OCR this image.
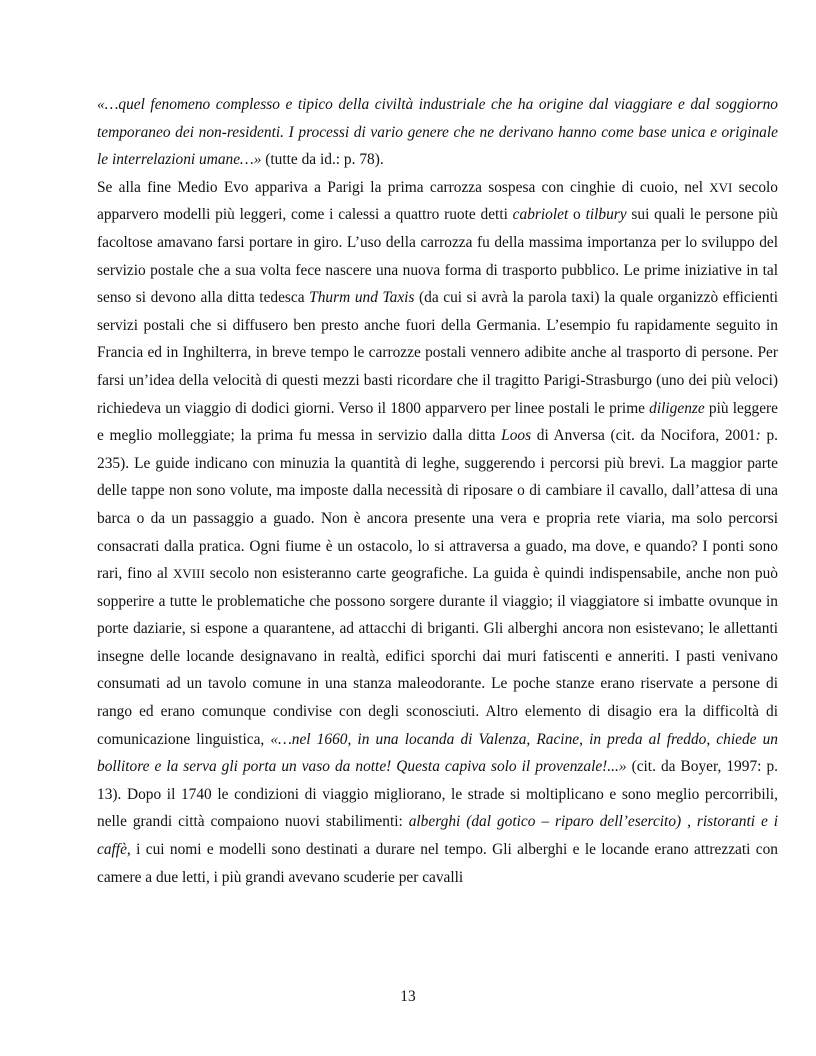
«…quel fenomeno complesso e tipico della civiltà industriale che ha origine dal viaggiare e dal soggiorno temporaneo dei non-residenti. I processi di vario genere che ne derivano hanno come base unica e originale le interrelazioni umane…» (tutte da id.: p. 78).

Se alla fine Medio Evo appariva a Parigi la prima carrozza sospesa con cinghie di cuoio, nel XVI secolo apparvero modelli più leggeri, come i calessi a quattro ruote detti cabriolet o tilbury sui quali le persone più facoltose amavano farsi portare in giro. L’uso della carrozza fu della massima importanza per lo sviluppo del servizio postale che a sua volta fece nascere una nuova forma di trasporto pubblico. Le prime iniziative in tal senso si devono alla ditta tedesca Thurm und Taxis (da cui si avrà la parola taxi) la quale organizzò efficienti servizi postali che si diffusero ben presto anche fuori della Germania. L’esempio fu rapidamente seguito in Francia ed in Inghilterra, in breve tempo le carrozze postali vennero adibite anche al trasporto di persone. Per farsi un’idea della velocità di questi mezzi basti ricordare che il tragitto Parigi-Strasburgo (uno dei più veloci) richiedeva un viaggio di dodici giorni. Verso il 1800 apparvero per linee postali le prime diligenze più leggere e meglio molleggiate; la prima fu messa in servizio dalla ditta Loos di Anversa (cit. da Nocifora, 2001: p. 235). Le guide indicano con minuzia la quantità di leghe, suggerendo i percorsi più brevi. La maggior parte delle tappe non sono volute, ma imposte dalla necessità di riposare o di cambiare il cavallo, dall’attesa di una barca o da un passaggio a guado. Non è ancora presente una vera e propria rete viaria, ma solo percorsi consacrati dalla pratica. Ogni fiume è un ostacolo, lo si attraversa a guado, ma dove, e quando? I ponti sono rari, fino al XVIII secolo non esisteranno carte geografiche. La guida è quindi indispensabile, anche non può sopperire a tutte le problematiche che possono sorgere durante il viaggio; il viaggiatore si imbatte ovunque in porte daziarie, si espone a quarantene, ad attacchi di briganti. Gli alberghi ancora non esistevano; le allettanti insegne delle locande designavano in realtà, edifici sporchi dai muri fatiscenti e anneriti. I pasti venivano consumati ad un tavolo comune in una stanza maleodorante. Le poche stanze erano riservate a persone di rango ed erano comunque condivise con degli sconosciuti. Altro elemento di disagio era la difficoltà di comunicazione linguistica, «…nel 1660, in una locanda di Valenza, Racine, in preda al freddo, chiede un bollitore e la serva gli porta un vaso da notte! Questa capiva solo il provenzale!...» (cit. da Boyer, 1997: p. 13). Dopo il 1740 le condizioni di viaggio migliorano, le strade si moltiplicano e sono meglio percorribili, nelle grandi città compaiono nuovi stabilimenti: alberghi (dal gotico – riparo dell’esercito) , ristoranti e i caffè, i cui nomi e modelli sono destinati a durare nel tempo. Gli alberghi e le locande erano attrezzati con camere a due letti, i più grandi avevano scuderie per cavalli

13
